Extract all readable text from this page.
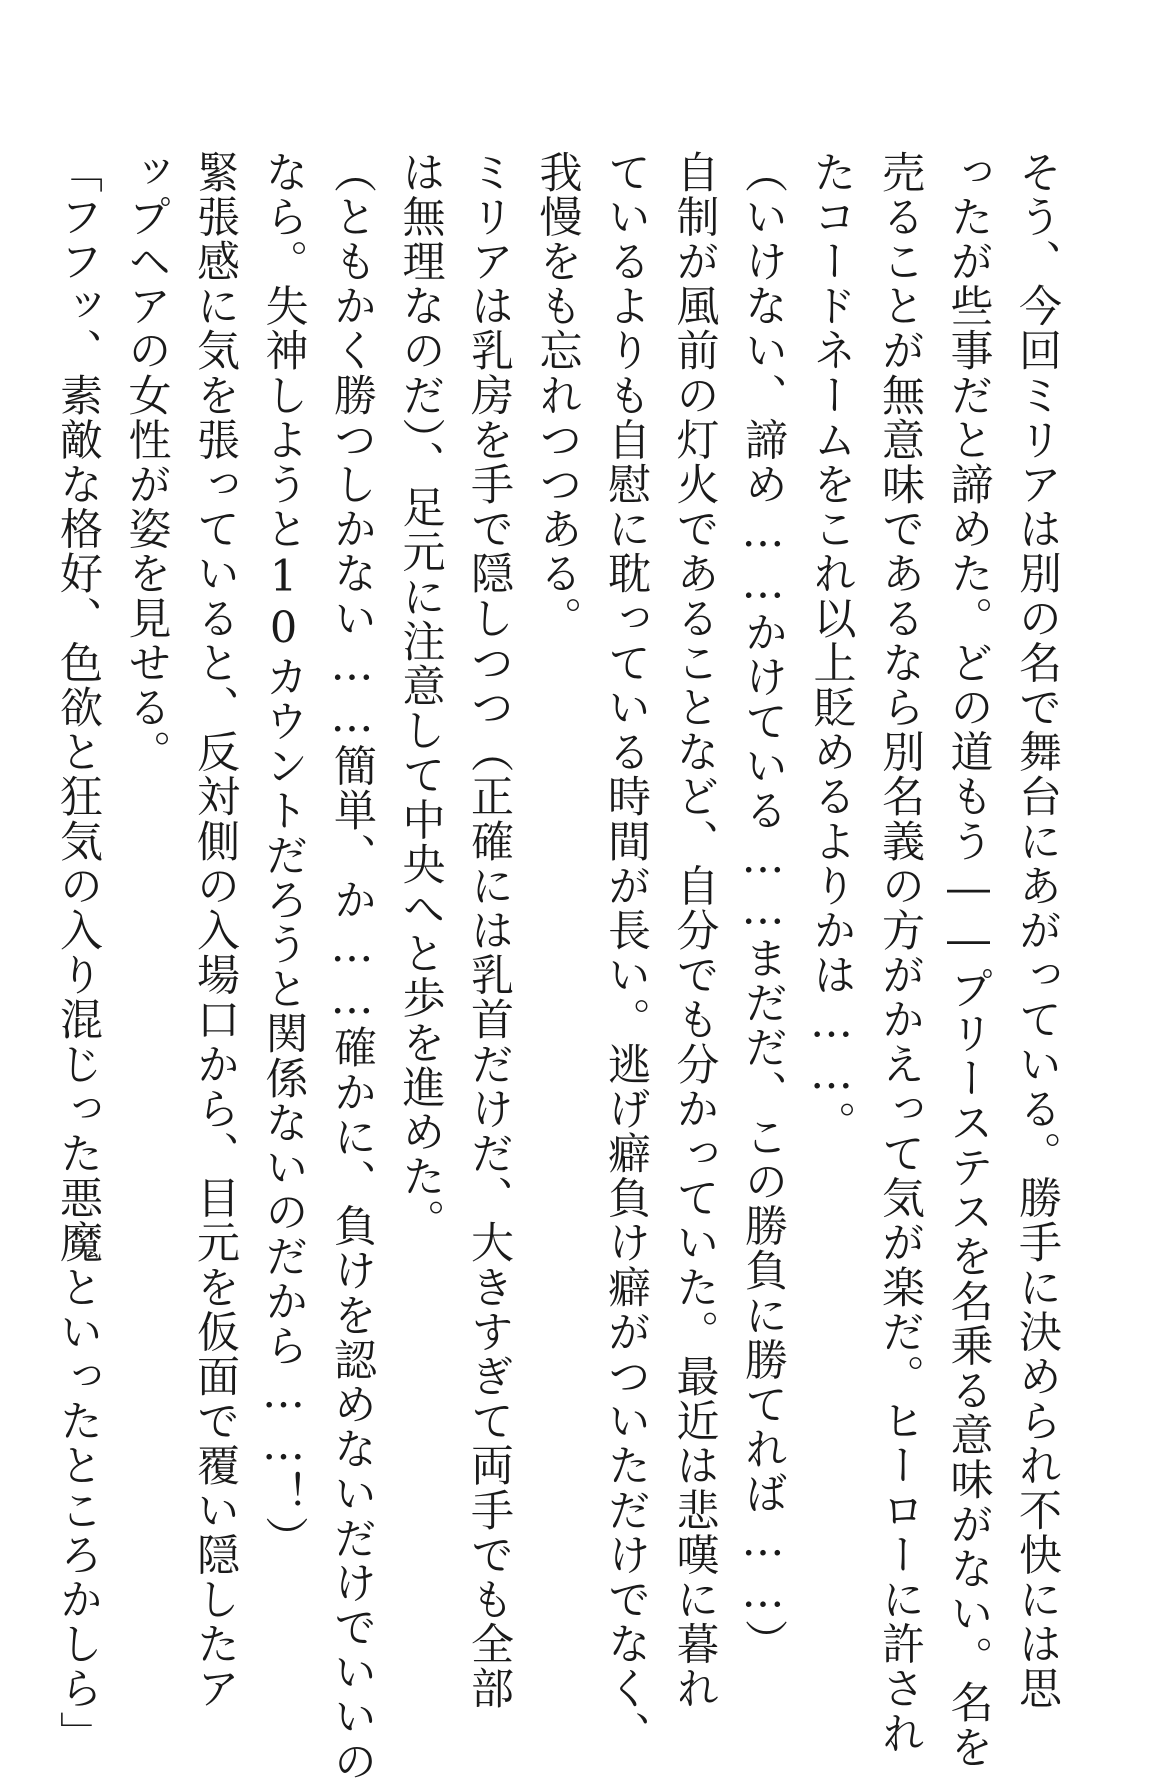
そう、今回ミリアは別の名で舞台にあがっている。勝手に決められ不快には思
ったが些事だと諦めた。どの道もう――プリーステスを名乗る意味がない。名を
売ることが無意味であるなら別名義の方がかえって気が楽だ。ヒーローに許され
たコードネームをこれ以上貶めるよりかは……。
（いけない、諦め……かけている……まだだ、この勝負に勝てれば……）
自制が風前の灯火であることなど、自分でも分かっていた。最近は悲嘆に暮れ
ているよりも自慰に耽っている時間が長い。逃げ癖負け癖がついただけでなく、
我慢をも忘れつつある。
ミリアは乳房を手で隠しつつ（正確には乳首だけだ、大きすぎて両手でも全部
は無理なのだ）、足元に注意して中央へと歩を進めた。
（ともかく勝つしかない……簡単、か……確かに、負けを認めないだけでいいの
なら。失神しようと10カウントだろうと関係ないのだから……！）
緊張感に気を張っていると、反対側の入場口から、目元を仮面で覆い隠したア
ップヘアの女性が姿を見せる。
「フフッ、素敵な格好、色欲と狂気の入り混じった悪魔といったところかしら」
